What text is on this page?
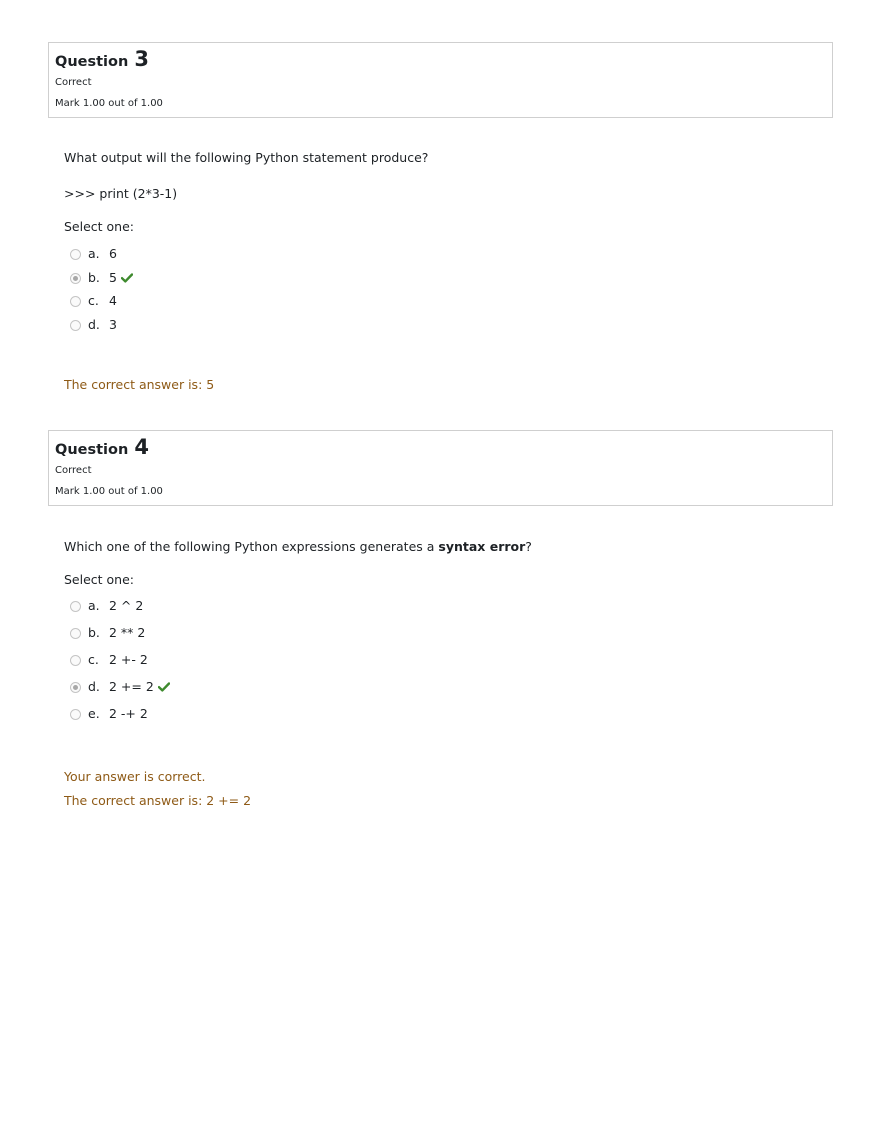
Question 3
Correct
Mark 1.00 out of 1.00
What output will the following Python statement produce?
>>> print (2*3-1)
Select one:
a. 6
b. 5
c. 4
d. 3
The correct answer is: 5
Question 4
Correct
Mark 1.00 out of 1.00
Which one of the following Python expressions generates a syntax error?
Select one:
a. 2 ^ 2
b. 2 ** 2
c. 2 +- 2
d. 2 += 2
e. 2 -+ 2
Your answer is correct.
The correct answer is: 2 += 2
